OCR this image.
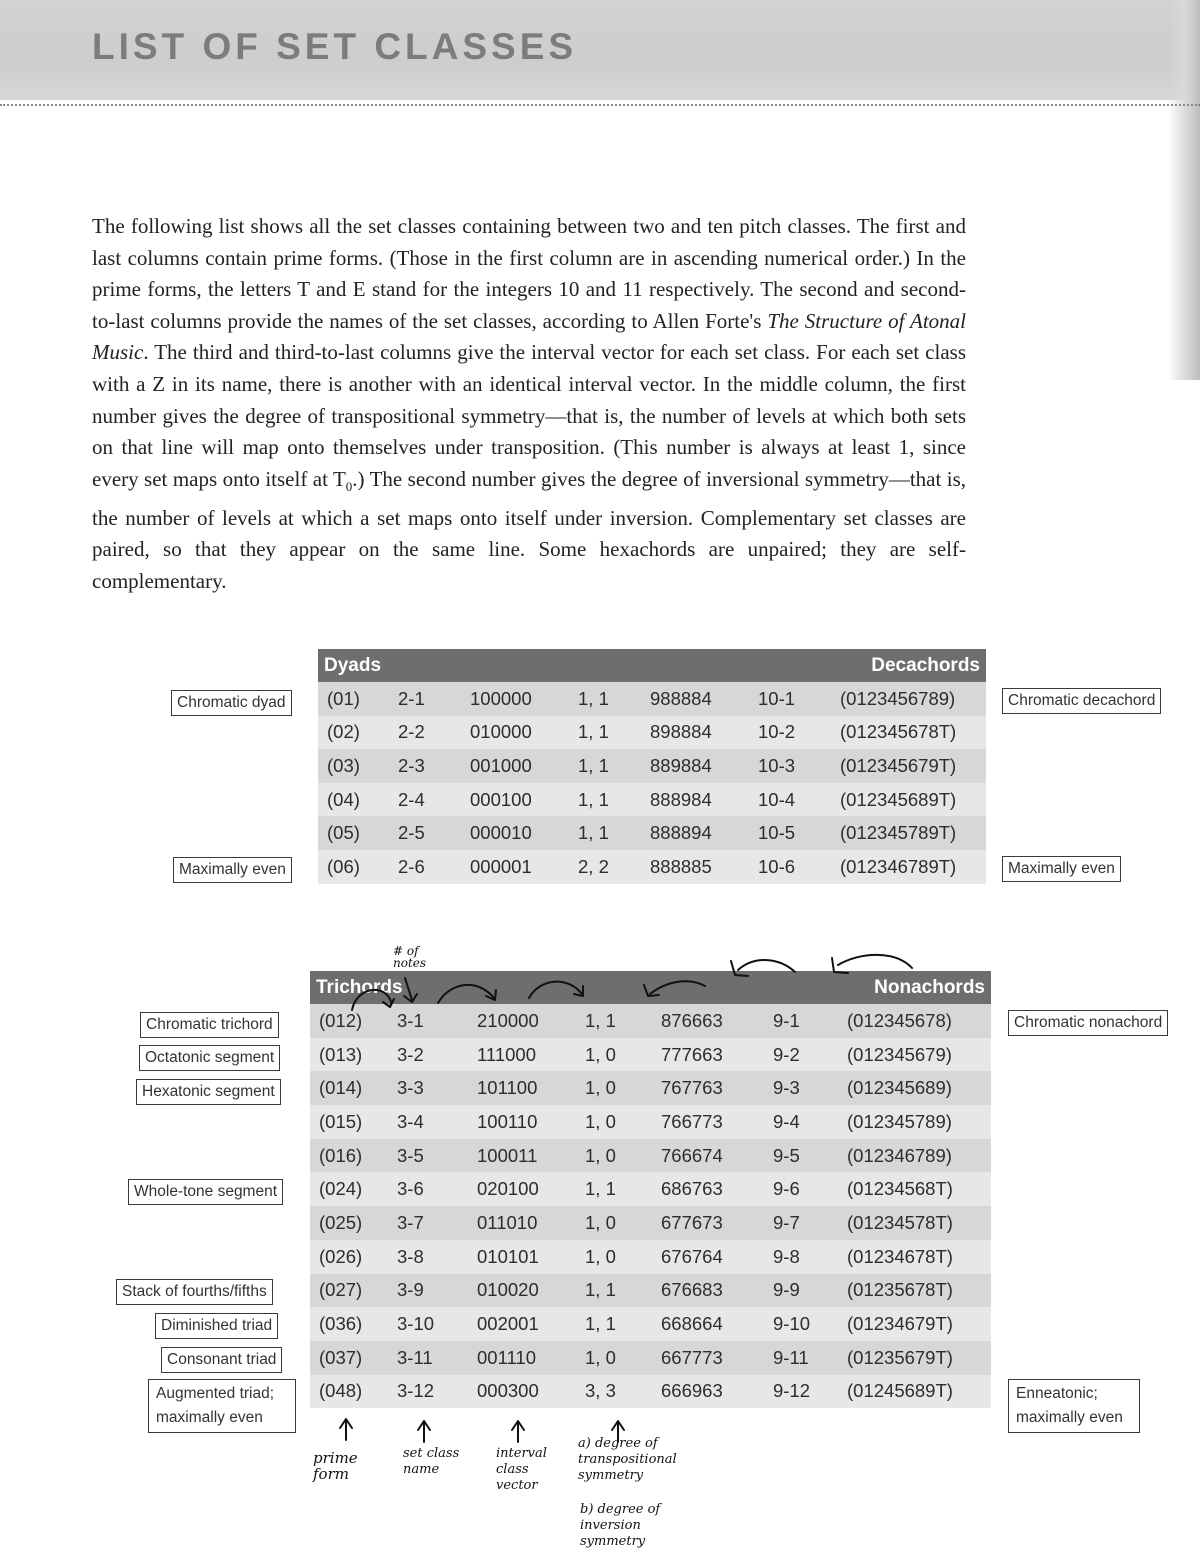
LIST OF SET CLASSES

The following list shows all the set classes containing between two and ten pitch classes. The first and last columns contain prime forms. (Those in the first column are in ascending numerical order.) In the prime forms, the letters T and E stand for the integers 10 and 11 respectively. The second and second-to-last columns provide the names of the set classes, according to Allen Forte's The Structure of Atonal Music. The third and third-to-last columns give the interval vector for each set class. For each set class with a Z in its name, there is another with an identical interval vector. In the middle column, the first number gives the degree of transpositional symmetry—that is, the number of levels at which both sets on that line will map onto themselves under transposition. (This number is always at least 1, since every set maps onto itself at $T_0$.) The second number gives the degree of inversional symmetry—that is, the number of levels at which a set maps onto itself under inversion. Complementary set classes are paired, so that they appear on the same line. Some hexachords are unpaired; they are self-complementary.

Dyads				Decachords		
(01)	2-1	100000	1, 1	988884	10-1	(0123456789)
(02)	2-2	010000	1, 1	898884	10-2	(012345678T)
(03)	2-3	001000	1, 1	889884	10-3	(012345679T)
(04)	2-4	000100	1, 1	888984	10-4	(012345689T)
(05)	2-5	000010	1, 1	888894	10-5	(012345789T)
(06)	2-6	000001	2, 2	888885	10-6	(012346789T)
Trichords				Nonachords		
(012)	3-1	210000	1, 1	876663	9-1	(012345678)
(013)	3-2	111000	1, 0	777663	9-2	(012345679)
(014)	3-3	101100	1, 0	767763	9-3	(012345689)
(015)	3-4	100110	1, 0	766773	9-4	(012345789)
(016)	3-5	100011	1, 0	766674	9-5	(012346789)
(024)	3-6	020100	1, 1	686763	9-6	(01234568T)
(025)	3-7	011010	1, 0	677673	9-7	(01234578T)
(026)	3-8	010101	1, 0	676764	9-8	(01234678T)
(027)	3-9	010020	1, 1	676683	9-9	(01235678T)
(036)	3-10	002001	1, 1	668664	9-10	(01234679T)
(037)	3-11	001110	1, 0	667773	9-11	(01235679T)
(048)	3-12	000300	3, 3	666963	9-12	(01245689T)
Chromatic dyad
Maximally even
Chromatic decachord
Maximally even
Chromatic trichord
Octatonic segment
Hexatonic segment
Whole-tone segment
Stack of fourths/fifths
Diminished triad
Consonant triad
Augmented triad; maximally even
Chromatic nonachord
Enneatonic; maximally even
# of notes
prime form
set class name
interval class vector
a) degree of transpositional symmetry
b) degree of inversion symmetry
